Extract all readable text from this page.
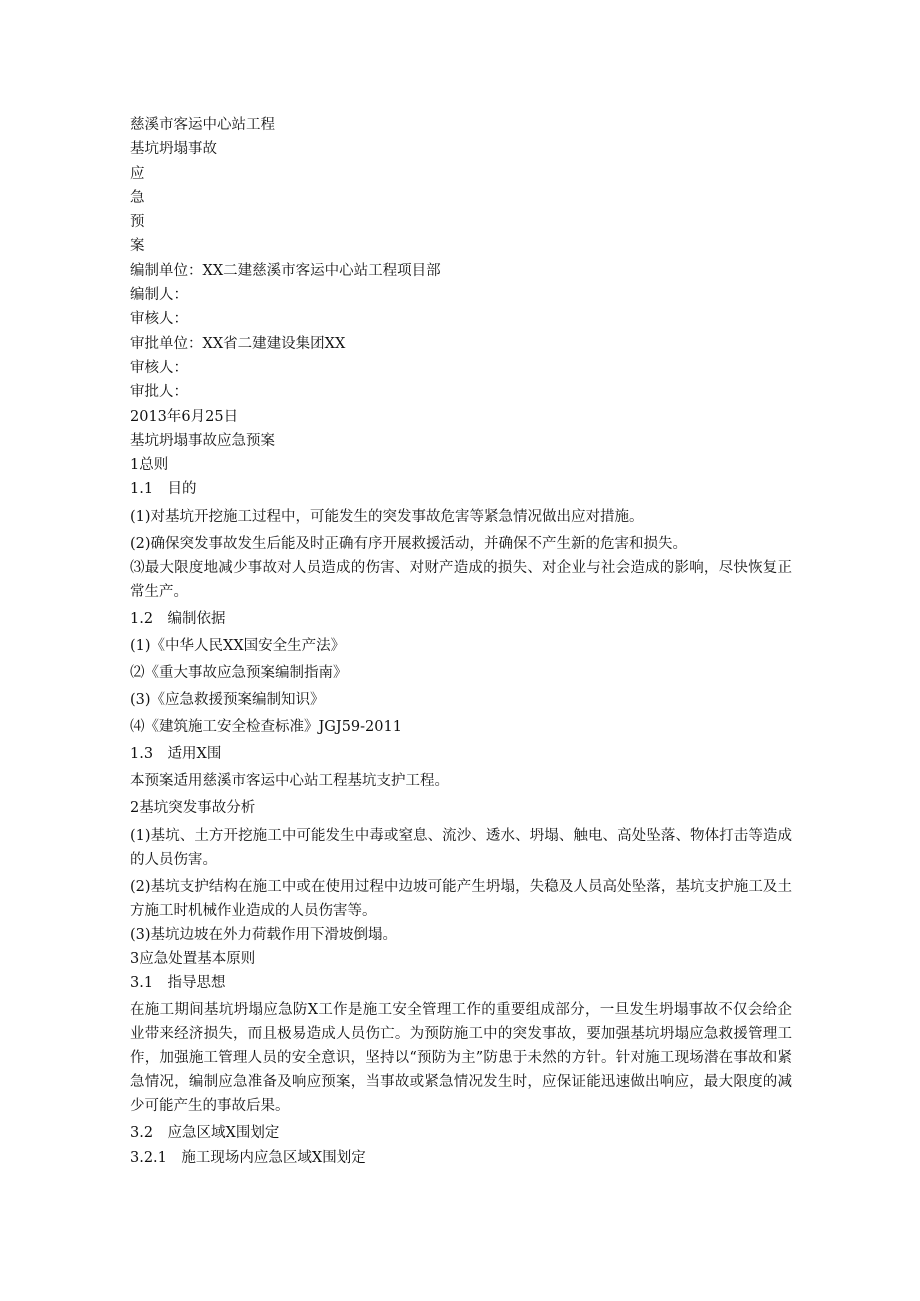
慈溪市客运中心站工程
基坑坍塌事故
应
急
预
案
编制单位：XX二建慈溪市客运中心站工程项目部
编制人：
审核人：
审批单位：XX省二建建设集团XX
审核人：
审批人：
2013年6月25日
基坑坍塌事故应急预案
1总则
1.1　目的
(1)对基坑开挖施工过程中，可能发生的突发事故危害等紧急情况做出应对措施。
(2)确保突发事故发生后能及时正确有序开展救援活动，并确保不产生新的危害和损失。
⑶最大限度地减少事故对人员造成的伤害、对财产造成的损失、对企业与社会造成的影响，尽快恢复正常生产。
1.2　编制依据
(1)《中华人民XX国安全生产法》
⑵《重大事故应急预案编制指南》
(3)《应急救援预案编制知识》
⑷《建筑施工安全检查标准》JGJ59-2011
1.3　适用X围
本预案适用慈溪市客运中心站工程基坑支护工程。
2基坑突发事故分析
(1)基坑、土方开挖施工中可能发生中毒或窒息、流沙、透水、坍塌、触电、高处坠落、物体打击等造成的人员伤害。
(2)基坑支护结构在施工中或在使用过程中边坡可能产生坍塌，失稳及人员高处坠落，基坑支护施工及土方施工时机械作业造成的人员伤害等。
(3)基坑边坡在外力荷载作用下滑坡倒塌。
3应急处置基本原则
3.1　指导思想
在施工期间基坑坍塌应急防X工作是施工安全管理工作的重要组成部分，一旦发生坍塌事故不仅会给企业带来经济损失，而且极易造成人员伤亡。为预防施工中的突发事故，要加强基坑坍塌应急救援管理工作，加强施工管理人员的安全意识，坚持以“预防为主”防患于未然的方针。针对施工现场潜在事故和紧急情况，编制应急准备及响应预案，当事故或紧急情况发生时，应保证能迅速做出响应，最大限度的减少可能产生的事故后果。
3.2　应急区域X围划定
3.2.1　施工现场内应急区域X围划定
